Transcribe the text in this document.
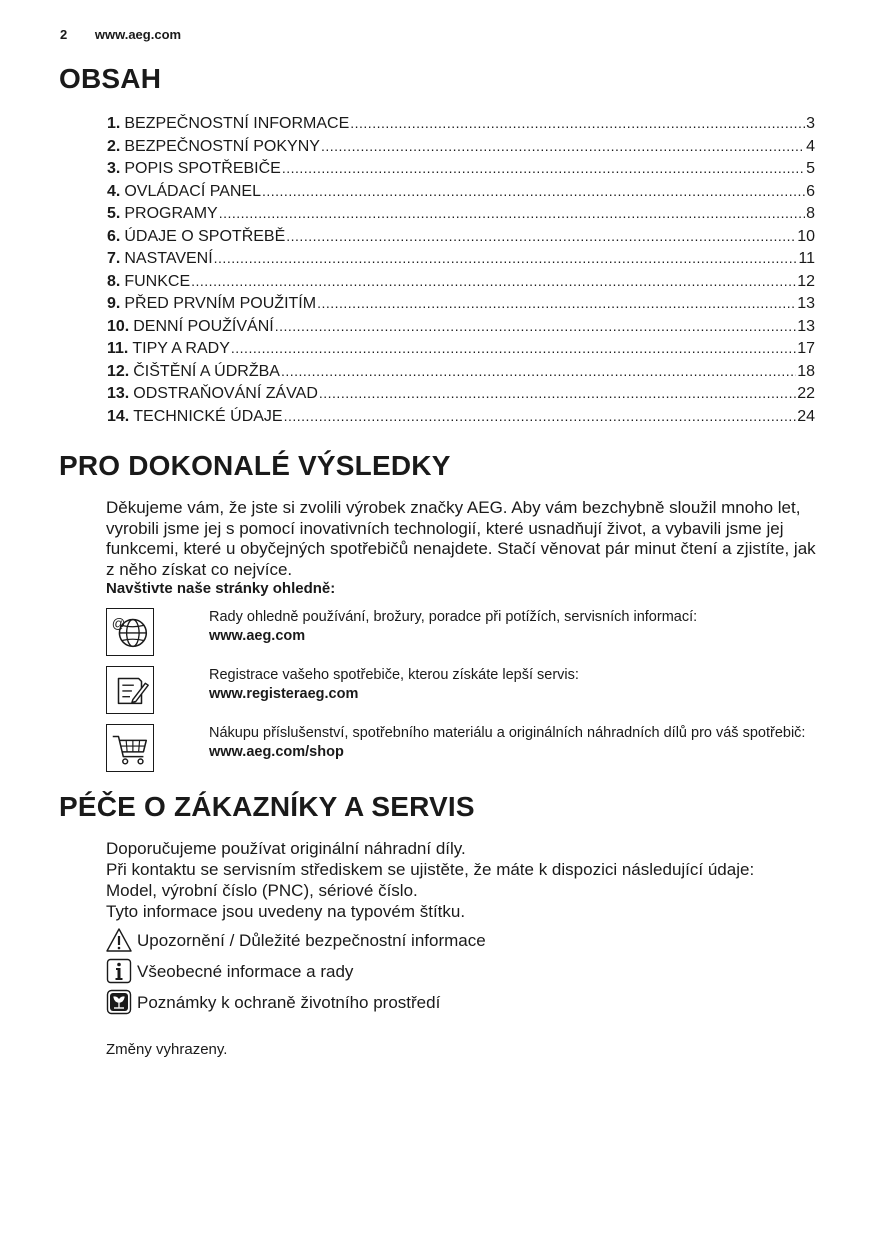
2 www.aeg.com
OBSAH
1. BEZPEČNOSTNÍ INFORMACE .....	3
2. BEZPEČNOSTNÍ POKYNY .....	4
3. POPIS SPOTŘEBIČE .....	5
4. OVLÁDACÍ PANEL .....	6
5. PROGRAMY .....	8
6. ÚDAJE O SPOTŘEBĚ .....	10
7. NASTAVENÍ .....	11
8. FUNKCE .....	12
9. PŘED PRVNÍM POUŽITÍM .....	13
10. DENNÍ POUŽÍVÁNÍ .....	13
11. TIPY A RADY .....	17
12. ČIŠTĚNÍ A ÚDRŽBA .....	18
13. ODSTRAŇOVÁNÍ ZÁVAD .....	22
14. TECHNICKÉ ÚDAJE .....	24
PRO DOKONALÉ VÝSLEDKY
Děkujeme vám, že jste si zvolili výrobek značky AEG. Aby vám bezchybně sloužil mnoho let, vyrobili jsme jej s pomocí inovativních technologií, které usnadňují život, a vybavili jsme jej funkcemi, které u obyčejných spotřebičů nenajdete. Stačí věnovat pár minut čtení a zjistíte, jak z něho získat co nejvíce.
Navštivte naše stránky ohledně:
@	Rady ohledně používání, brožury, poradce při potížích, servisních informací:
www.aeg.com
Registrace vašeho spotřebiče, kterou získáte lepší servis:
www.registeraeg.com
Nákupu příslušenství, spotřebního materiálu a originálních náhradních dílů pro váš spotřebič:
www.aeg.com/shop
PÉČE O ZÁKAZNÍKY A SERVIS
Doporučujeme používat originální náhradní díly.
Při kontaktu se servisním střediskem se ujistěte, že máte k dispozici následující údaje: Model, výrobní číslo (PNC), sériové číslo.
Tyto informace jsou uvedeny na typovém štítku.
Upozornění / Důležité bezpečnostní informace
Všeobecné informace a rady
Poznámky k ochraně životního prostředí
Změny vyhrazeny.
